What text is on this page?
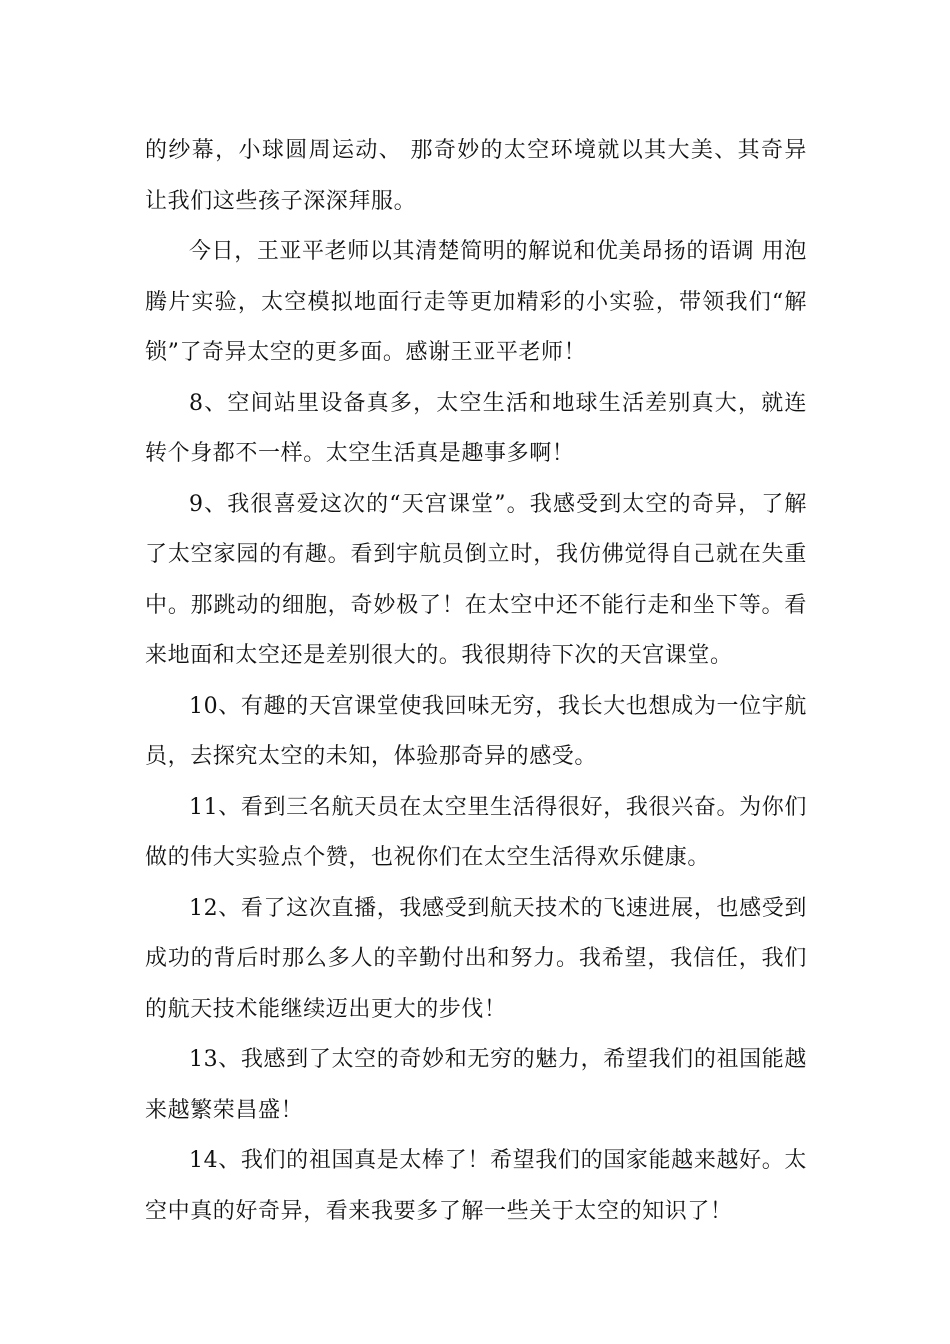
的纱幕，小球圆周运动、 那奇妙的太空环境就以其大美、其奇异让我们这些孩子深深拜服。

今日，王亚平老师以其清楚简明的解说和优美昂扬的语调 用泡腾片实验，太空模拟地面行走等更加精彩的小实验，带领我们“解锁”了奇异太空的更多面。感谢王亚平老师！

8、空间站里设备真多，太空生活和地球生活差别真大，就连转个身都不一样。太空生活真是趣事多啊！

9、我很喜爱这次的“天宫课堂”。我感受到太空的奇异，了解了太空家园的有趣。看到宇航员倒立时，我仿佛觉得自己就在失重中。那跳动的细胞，奇妙极了！在太空中还不能行走和坐下等。看来地面和太空还是差别很大的。我很期待下次的天宫课堂。

10、有趣的天宫课堂使我回味无穷，我长大也想成为一位宇航员，去探究太空的未知，体验那奇异的感受。

11、看到三名航天员在太空里生活得很好，我很兴奋。为你们做的伟大实验点个赞，也祝你们在太空生活得欢乐健康。

12、看了这次直播，我感受到航天技术的飞速进展，也感受到成功的背后时那么多人的辛勤付出和努力。我希望，我信任，我们的航天技术能继续迈出更大的步伐！

13、我感到了太空的奇妙和无穷的魅力，希望我们的祖国能越来越繁荣昌盛！

14、我们的祖国真是太棒了！希望我们的国家能越来越好。太空中真的好奇异，看来我要多了解一些关于太空的知识了！
